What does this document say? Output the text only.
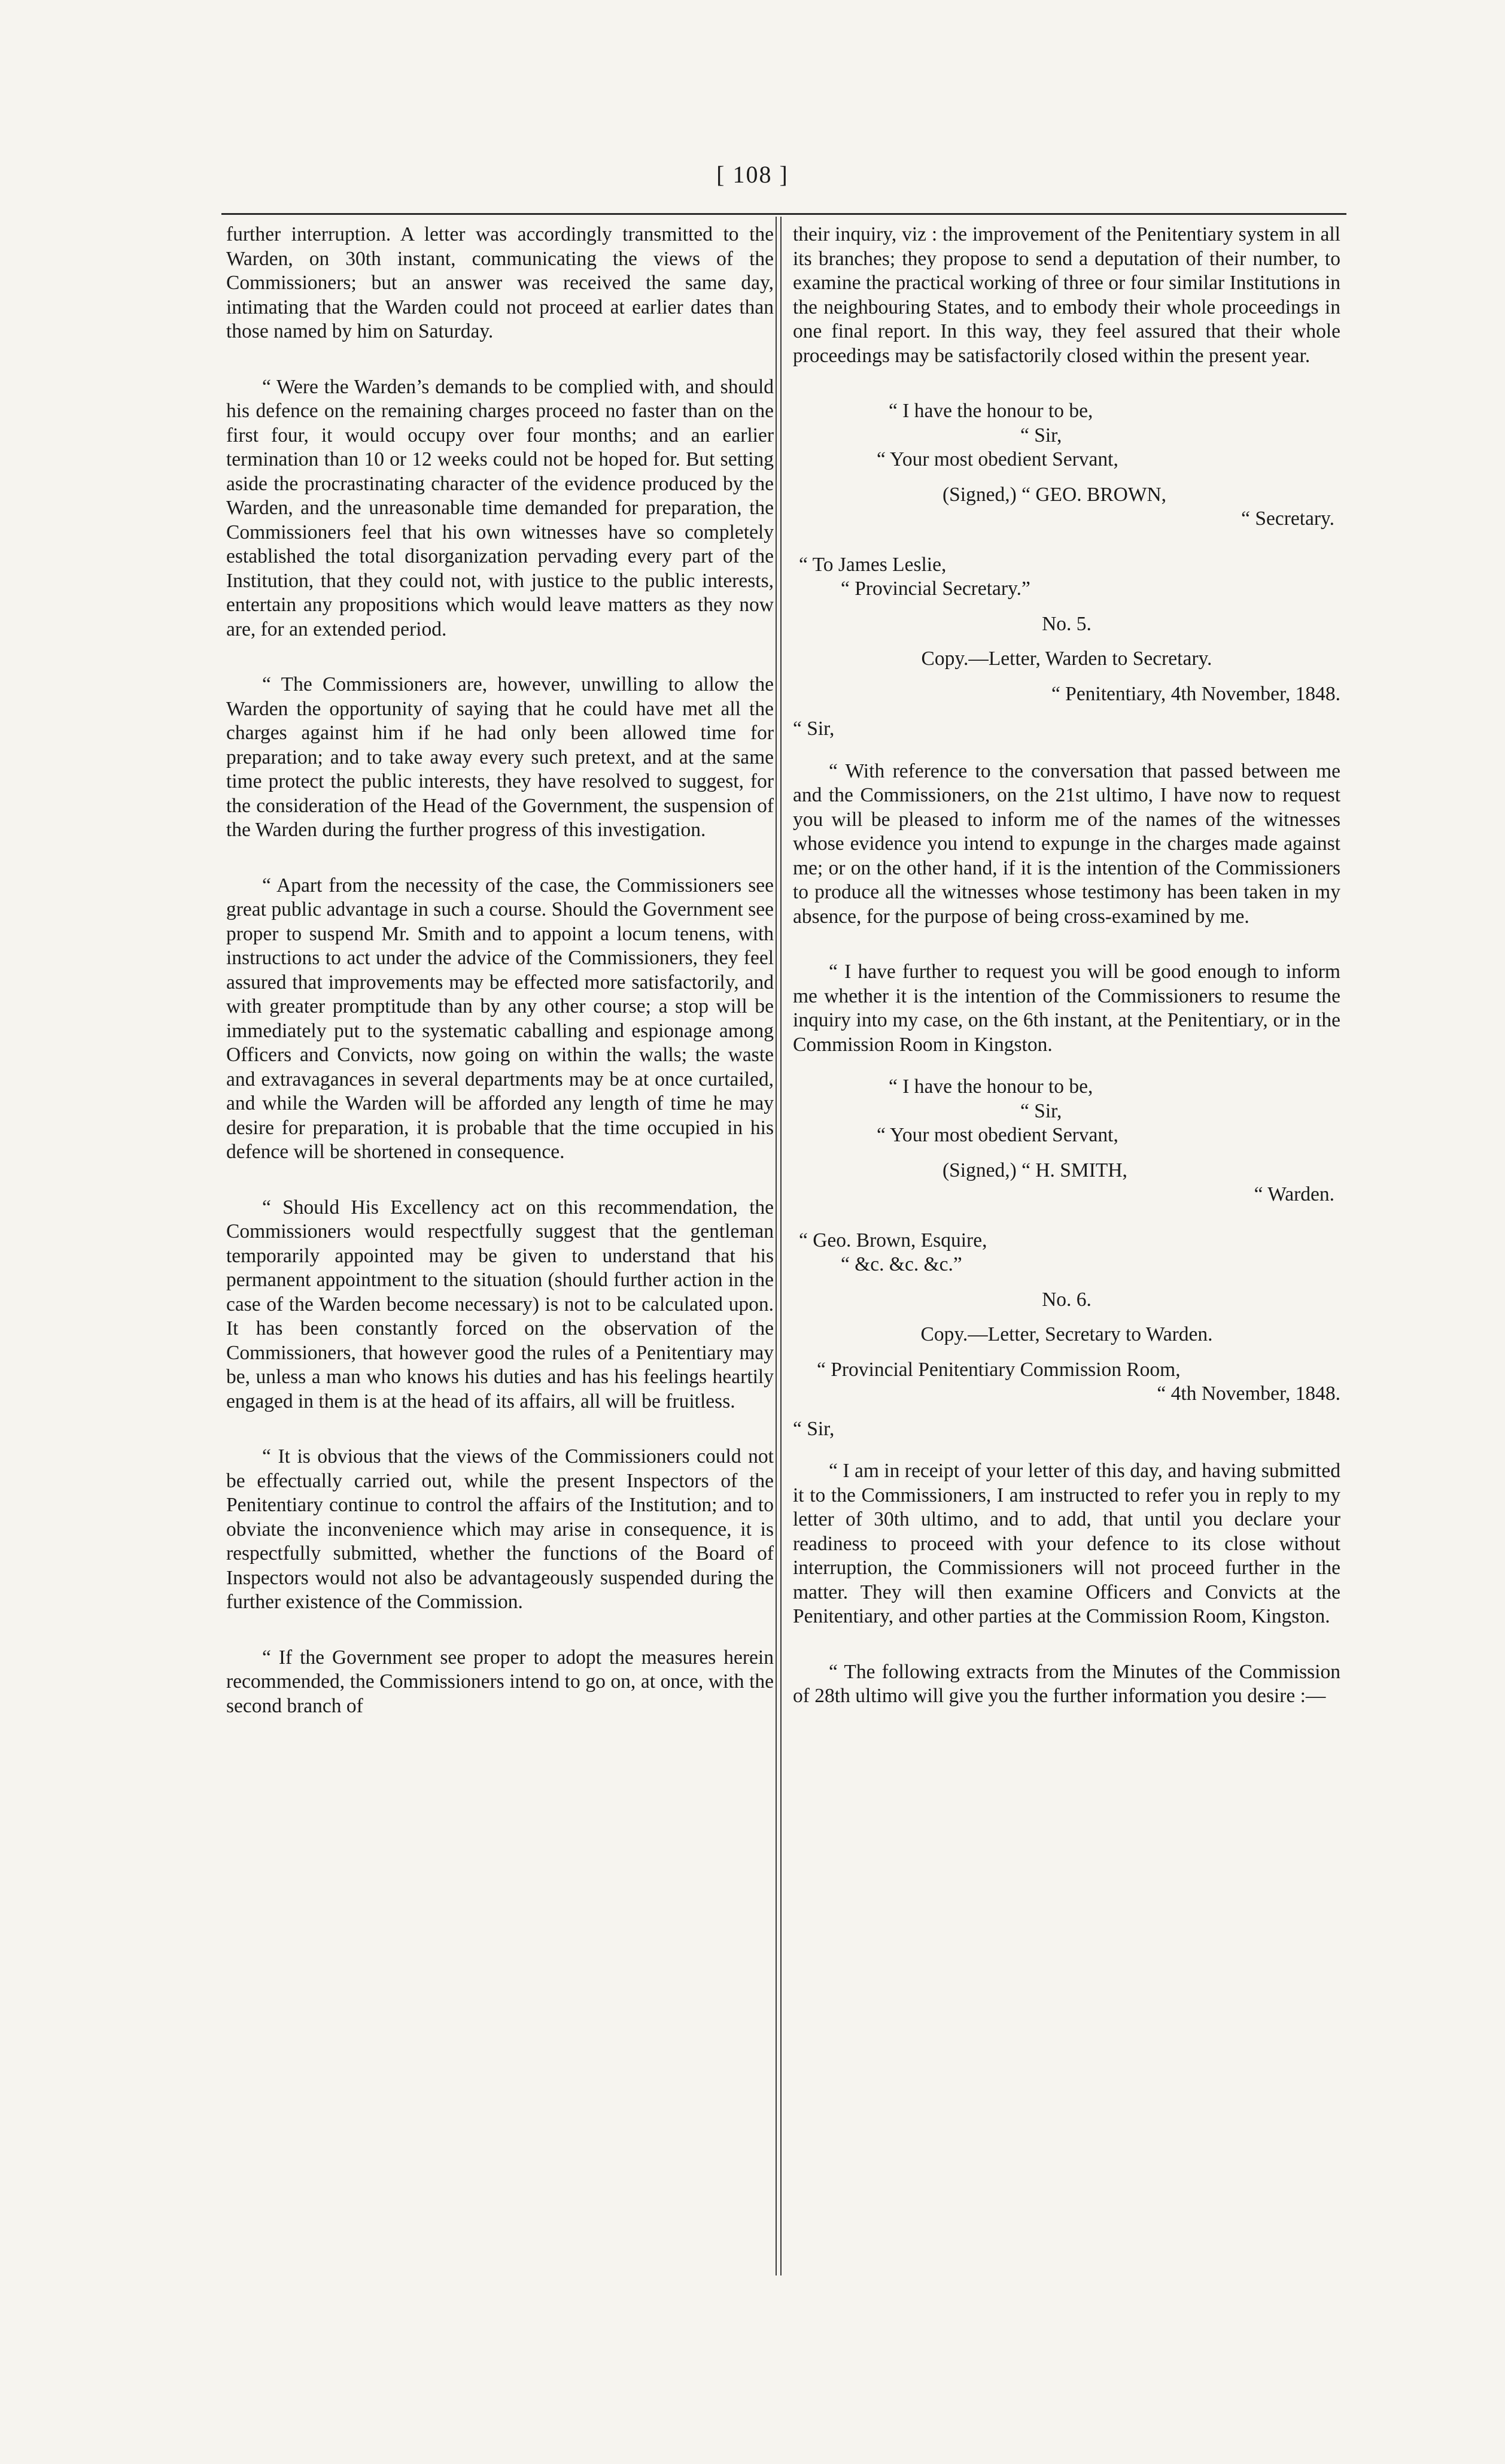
[ 108 ]

further interruption. A letter was accordingly transmitted to the Warden, on 30th instant, communicating the views of the Commissioners; but an answer was received the same day, intimating that the Warden could not proceed at earlier dates than those named by him on Saturday.

“ Were the Warden’s demands to be complied with, and should his defence on the remaining charges proceed no faster than on the first four, it would occupy over four months; and an earlier termination than 10 or 12 weeks could not be hoped for. But setting aside the procrastinating character of the evidence produced by the Warden, and the unreasonable time demanded for preparation, the Commissioners feel that his own witnesses have so completely established the total disorganization pervading every part of the Institution, that they could not, with justice to the public interests, entertain any propositions which would leave matters as they now are, for an extended period.

“ The Commissioners are, however, unwilling to allow the Warden the opportunity of saying that he could have met all the charges against him if he had only been allowed time for preparation; and to take away every such pretext, and at the same time protect the public interests, they have resolved to suggest, for the consideration of the Head of the Government, the suspension of the Warden during the further progress of this investigation.

“ Apart from the necessity of the case, the Commissioners see great public advantage in such a course. Should the Government see proper to suspend Mr. Smith and to appoint a locum tenens, with instructions to act under the advice of the Commissioners, they feel assured that improvements may be effected more satisfactorily, and with greater promptitude than by any other course; a stop will be immediately put to the systematic caballing and espionage among Officers and Convicts, now going on within the walls; the waste and extravagances in several departments may be at once curtailed, and while the Warden will be afforded any length of time he may desire for preparation, it is probable that the time occupied in his defence will be shortened in consequence.

“ Should His Excellency act on this recommendation, the Commissioners would respectfully suggest that the gentleman temporarily appointed may be given to understand that his permanent appointment to the situation (should further action in the case of the Warden become necessary) is not to be calculated upon. It has been constantly forced on the observation of the Commissioners, that however good the rules of a Penitentiary may be, unless a man who knows his duties and has his feelings heartily engaged in them is at the head of its affairs, all will be fruitless.

“ It is obvious that the views of the Commissioners could not be effectually carried out, while the present Inspectors of the Penitentiary continue to control the affairs of the Institution; and to obviate the inconvenience which may arise in consequence, it is respectfully submitted, whether the functions of the Board of Inspectors would not also be advantageously suspended during the further existence of the Commission.

“ If the Government see proper to adopt the measures herein recommended, the Commissioners intend to go on, at once, with the second branch of

their inquiry, viz : the improvement of the Penitentiary system in all its branches; they propose to send a deputation of their number, to examine the practical working of three or four similar Institutions in the neighbouring States, and to embody their whole proceedings in one final report. In this way, they feel assured that their whole proceedings may be satisfactorily closed within the present year.

“ I have the honour to be,
“ Sir,
“ Your most obedient Servant,
(Signed,) “ GEO. BROWN,
“ Secretary.
“ To James Leslie,
“ Provincial Secretary.”

No. 5.

Copy.—Letter, Warden to Secretary.

“ Penitentiary, 4th November, 1848.

“ Sir,

“ With reference to the conversation that passed between me and the Commissioners, on the 21st ultimo, I have now to request you will be pleased to inform me of the names of the witnesses whose evidence you intend to expunge in the charges made against me; or on the other hand, if it is the intention of the Commissioners to produce all the witnesses whose testimony has been taken in my absence, for the purpose of being cross-examined by me.

“ I have further to request you will be good enough to inform me whether it is the intention of the Commissioners to resume the inquiry into my case, on the 6th instant, at the Penitentiary, or in the Commission Room in Kingston.

“ I have the honour to be,
“ Sir,
“ Your most obedient Servant,
(Signed,) “ H. SMITH,
“ Warden.
“ Geo. Brown, Esquire,
“ &c. &c. &c.”

No. 6.

Copy.—Letter, Secretary to Warden.

“ Provincial Penitentiary Commission Room,

“ 4th November, 1848.

“ Sir,

“ I am in receipt of your letter of this day, and having submitted it to the Commissioners, I am instructed to refer you in reply to my letter of 30th ultimo, and to add, that until you declare your readiness to proceed with your defence to its close without interruption, the Commissioners will not proceed further in the matter. They will then examine Officers and Convicts at the Penitentiary, and other parties at the Commission Room, Kingston.

“ The following extracts from the Minutes of the Commission of 28th ultimo will give you the further information you desire :—
